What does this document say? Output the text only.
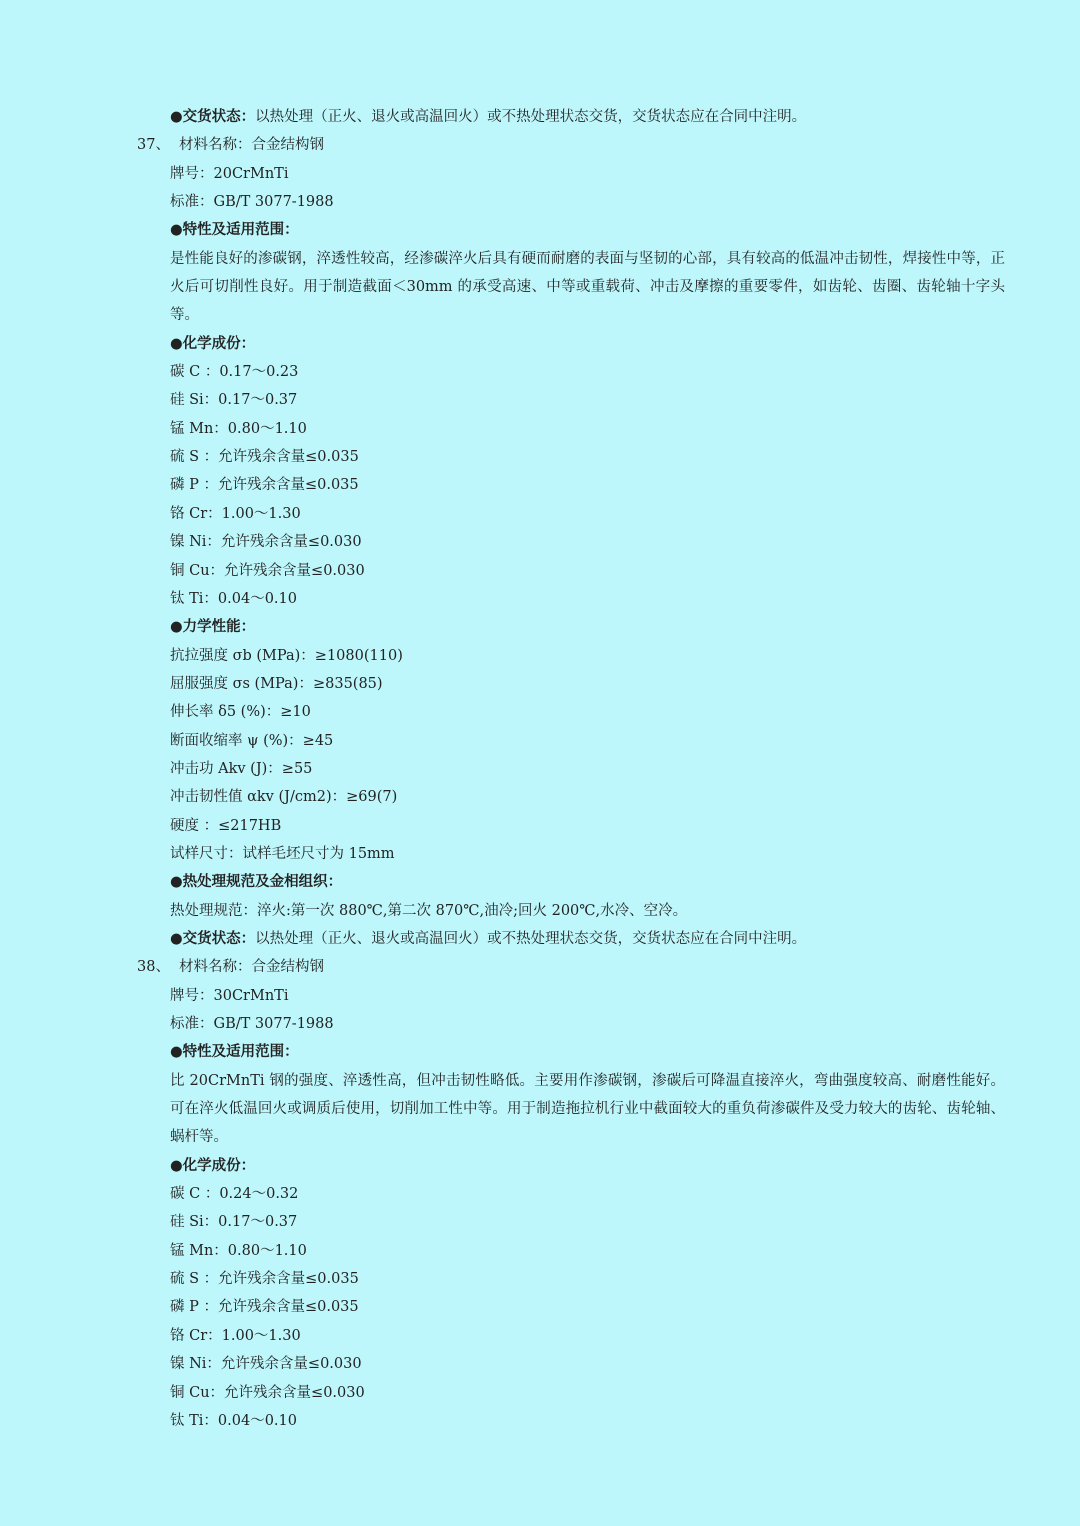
●交货状态：以热处理（正火、退火或高温回火）或不热处理状态交货，交货状态应在合同中注明。
37、 材料名称：合金结构钢
牌号：20CrMnTi
标准：GB/T 3077-1988
●特性及适用范围：
是性能良好的渗碳钢，淬透性较高，经渗碳淬火后具有硬而耐磨的表面与坚韧的心部，具有较高的低温冲击韧性，焊接性中等，正火后可切削性良好。用于制造截面＜30mm 的承受高速、中等或重载荷、冲击及摩擦的重要零件，如齿轮、齿圈、齿轮轴十字头等。
●化学成份：
碳 C ：0.17～0.23
硅 Si：0.17～0.37
锰 Mn：0.80～1.10
硫 S ：允许残余含量≤0.035
磷 P ：允许残余含量≤0.035
铬 Cr：1.00～1.30
镍 Ni：允许残余含量≤0.030
铜 Cu：允许残余含量≤0.030
钛 Ti：0.04～0.10
●力学性能：
抗拉强度 σb (MPa)：≥1080(110)
屈服强度 σs (MPa)：≥835(85)
伸长率 δ5 (%)：≥10
断面收缩率 ψ (%)：≥45
冲击功 Akv (J)：≥55
冲击韧性值 αkv (J/cm2)：≥69(7)
硬度 ：≤217HB
试样尺寸：试样毛坯尺寸为 15mm
●热处理规范及金相组织：
热处理规范：淬火:第一次 880℃,第二次 870℃,油冷;回火 200℃,水冷、空冷。
●交货状态：以热处理（正火、退火或高温回火）或不热处理状态交货，交货状态应在合同中注明。
38、 材料名称：合金结构钢
牌号：30CrMnTi
标准：GB/T 3077-1988
●特性及适用范围：
比 20CrMnTi 钢的强度、淬透性高，但冲击韧性略低。主要用作渗碳钢，渗碳后可降温直接淬火，弯曲强度较高、耐磨性能好。可在淬火低温回火或调质后使用，切削加工性中等。用于制造拖拉机行业中截面较大的重负荷渗碳件及受力较大的齿轮、齿轮轴、蜗杆等。
●化学成份：
碳 C ：0.24～0.32
硅 Si：0.17～0.37
锰 Mn：0.80～1.10
硫 S ：允许残余含量≤0.035
磷 P ：允许残余含量≤0.035
铬 Cr：1.00～1.30
镍 Ni：允许残余含量≤0.030
铜 Cu：允许残余含量≤0.030
钛 Ti：0.04～0.10
